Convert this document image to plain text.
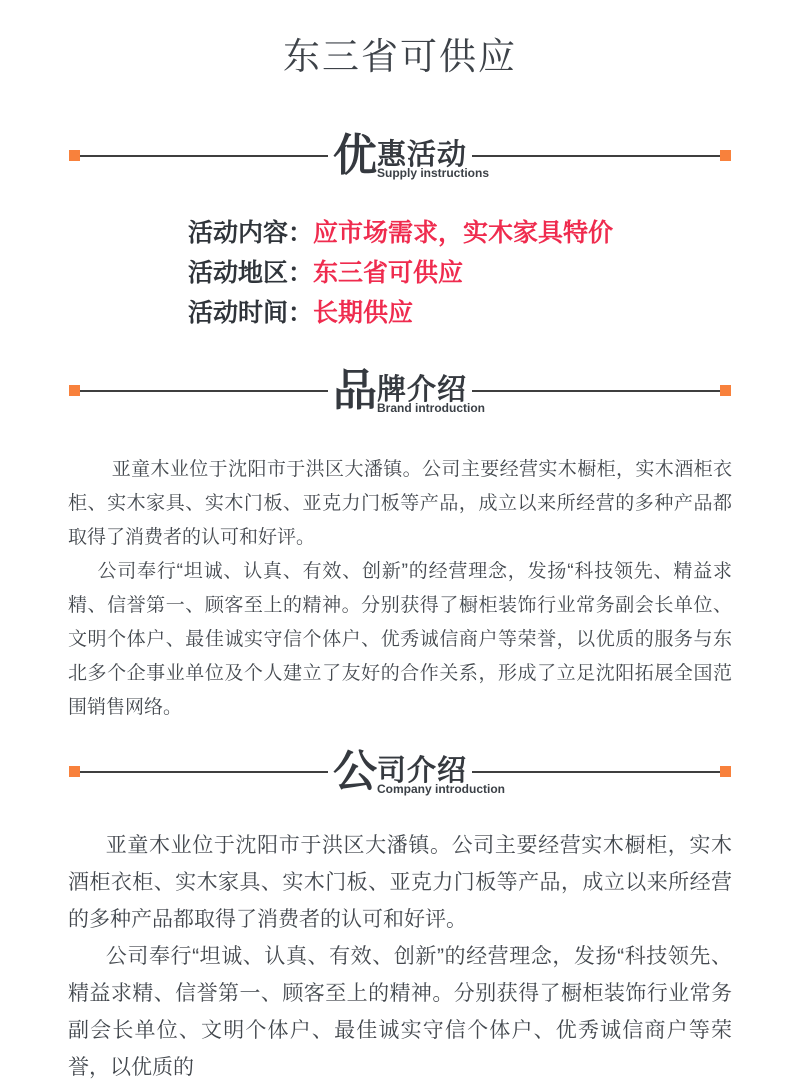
东三省可供应
优 惠活动
Supply instructions
活动内容： 应市场需求，实木家具特价
活动地区： 东三省可供应
活动时间： 长期供应
品 牌介绍
Brand introduction

亚童木业位于沈阳市于洪区大潘镇。公司主要经营实木橱柜，实木酒柜衣柜、实木家具、实木门板、亚克力门板等产品，成立以来所经营的多种产品都取得了消费者的认可和好评。

公司奉行“坦诚、认真、有效、创新”的经营理念，发扬“科技领先、精益求精、信誉第一、顾客至上的精神。分别获得了橱柜装饰行业常务副会长单位、文明个体户、最佳诚实守信个体户、优秀诚信商户等荣誉，以优质的服务与东北多个企事业单位及个人建立了友好的合作关系，形成了立足沈阳拓展全国范围销售网络。

公 司介绍
Company introduction

亚童木业位于沈阳市于洪区大潘镇。公司主要经营实木橱柜，实木酒柜衣柜、实木家具、实木门板、亚克力门板等产品，成立以来所经营的多种产品都取得了消费者的认可和好评。

公司奉行“坦诚、认真、有效、创新”的经营理念，发扬“科技领先、精益求精、信誉第一、顾客至上的精神。分别获得了橱柜装饰行业常务副会长单位、文明个体户、最佳诚实守信个体户、优秀诚信商户等荣誉，以优质的
